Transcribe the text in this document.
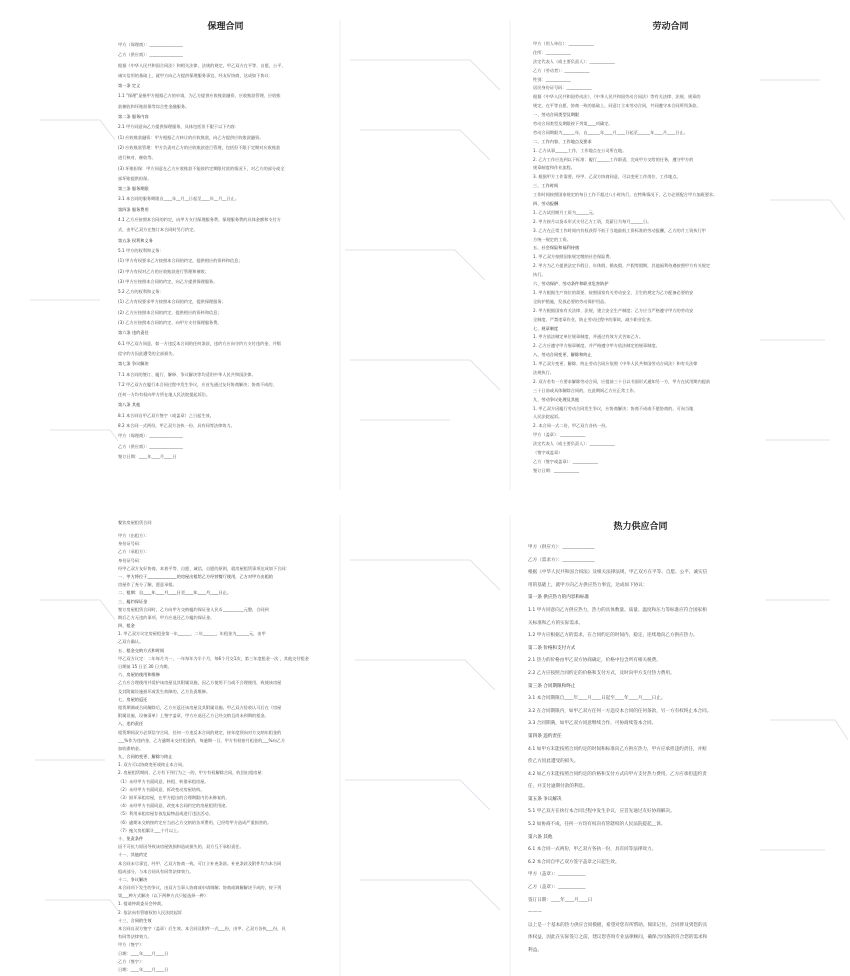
保理合同
甲方（保理商）：________________
乙方（供应商）：________________
根据《中华人民共和国合同法》和相关法律、法规的规定，甲乙双方在平等、自愿、公平、
诚实信用的基础上，就甲方向乙方提供保理服务事宜，经友好协商，达成如下协议：
第一条 定义
1.1 "保理"是指甲方根据乙方的申请，为乙方提供应收账款融资、应收账款管理、应收账
款催收和坏账担保等综合性金融服务。
第二条 服务内容
2.1 甲方同意向乙方提供保理服务，具体包括但不限于以下内容：
(1) 应收账款融资：甲方根据乙方转让的应收账款，向乙方提供应收账款融资。
(2) 应收账款管理：甲方负责对乙方的应收账款进行管理，包括但不限于定期对应收账款
进行核对、催收等。
(3) 坏账担保：甲方同意在乙方应收账款不能按约定期限付款的情况下，对乙方的部分或全
部坏账提供担保。
第三条 服务期限
3.1 本合同的服务期限自____年__月__日起至____年__月__日止。
第四条 服务费用
4.1 乙方应按照本合同的约定，向甲方支付保理服务费。保理服务费的具体金额和支付方
式，由甲乙双方在签订本合同时另行约定。
第五条 权利和义务
5.1 甲方的权利和义务：
(1) 甲方有权要求乙方按照本合同的约定，提供相应的资料和信息；
(2) 甲方有权对乙方的应收账款进行管理和催收；
(3) 甲方应按照本合同的约定，向乙方提供保理服务。
5.2 乙方的权利和义务：
(1) 乙方有权要求甲方按照本合同的约定，提供保理服务；
(2) 乙方应按照本合同的约定，提供相应的资料和信息；
(3) 乙方应按照本合同的约定，向甲方支付保理服务费。
第六条 违约责任
6.1 甲乙双方同意，如一方违反本合同的任何条款，违约方应向守约方支付违约金，并赔
偿守约方因此遭受的全部损失。
第七条 争议解决
7.1 本合同的签订、履行、解释、争议解决等均适用中华人民共和国法律。
7.2 甲乙双方在履行本合同过程中发生争议，应首先通过友好协商解决；协商不成的，
任何一方均有权向甲方所在地人民法院提起诉讼。
第八条 其他
8.1 本合同自甲乙双方签字（或盖章）之日起生效。
8.2 本合同一式两份，甲乙双方各执一份，具有同等法律效力。
甲方（保理商）：________________
乙方（供应商）：________________
签订日期：____年____月____日
劳动合同
甲方（用人单位）：____________
住所：____________
法定代表人（或主要负责人）：____________
乙方（劳动者）：____________
性别：____________
居民身份证号码：____________
根据《中华人民共和国劳动法》、《中华人民共和国劳动合同法》等有关法律、法规、规章的
规定，在平等自愿、协商一致的基础上，同意订立本劳动合同，共同遵守本合同所列条款。
一、劳动合同类型及期限
劳动合同类型及期限按下列第____项确定。
劳动合同期限为______年，自______年____月____日起至______年____月____日止。
二、工作内容、工作地点及要求
1. 乙方从事______工作，工作地点在公司所在地。
2. 乙方工作应达到以下标准：履行______工作职责，完成甲方交给的任务，遵守甲方的
规章制度和作业流程。
3. 根据甲方工作需要，经甲、乙双方协商同意，可以变更工作岗位、工作地点。
三、工作时间
工作时间按照国家规定的每日工作不超过八小时执行，在特殊情况下，乙方必须配合甲方加班要求。
四、劳动报酬
1. 乙方试用期月工资为______元。
2. 甲方按月以货币形式支付乙方工资，发薪日为每月______日。
3. 乙方在正常工作时间内有权获得不低于当地最低工资标准的劳动报酬，乙方的月工资执行甲
方统一规定的工资。
五、社会保险和福利待遇
1. 甲乙双方按照国家规定缴纳社会保险费。
2. 甲方为乙方提供法定节假日、年休假、婚丧假、产假等假期，其他福利待遇按照甲方有关规定
执行。
六、劳动保护、劳动条件和职业危害防护
1. 甲方根据生产岗位的需要，按照国家有关劳动安全、卫生的规定为乙方配备必要的安
全防护措施，发放必要的劳动保护用品。
2. 甲方根据国家有关法律、法规，建立安全生产制度；乙方应当严格遵守甲方的劳动安
全制度，严禁违章作业，防止劳动过程中的事故，减少职业危害。
七、规章制度
1. 甲方依法制定单位规章制度，并通过有效方式告知乙方。
2. 乙方应遵守甲方规章制度，并严格遵守甲方依法制定的规章制度。
八、劳动合同变更、解除和终止
1. 甲乙双方变更、解除、终止劳动合同应依照《中华人民共和国劳动合同法》和有关法律
法规执行。
2. 双方若有一方要求解除劳动合同，应提前三十日以书面形式通知另一方，甲方在试用期内提前
三十日前或具体解除合同的，在此期间乙方应正常工作。
九、劳动争议处理及其他
1. 甲乙双方因履行劳动合同发生争议，应协商解决；协商不成或不愿协商的，可向当地
人民法院起诉。
2. 本合同一式二份，甲乙双方各执一份。
甲方（盖章）：____________
法定代表人（或主要负责人）：____________
（签字或盖章）
乙方（签字或盖章）：____________
签订日期：____________
餐饮房屋租赁合同
甲方（出租方）：
身份证号码：
乙方（承租方）：
身份证号码：
经甲乙双方友好协商，本着平等、自愿、诚信、自愿的原则，就房屋租赁事项达成如下合同：
一、甲方将位于______________的房屋出租给乙方经营餐厅使用，乙方对甲方出租的
房屋作了充分了解，愿意承租。
二、租期：自____年____月____日至____年____月____日止。
三、履约保证金
签订房屋租赁合同时，乙方向甲方交纳履约保证金人民币__________元整，合同到
期后乙方无违约事项，甲方应退还乙方履约保证金。
四、租金
1. 甲乙双方议定房屋租金第一年______，二年______，年租金为______元，由甲
乙双方确认。
五、租金交纳方式和时间
甲乙双方议定：二年每月为一，一年每年为半个月，每6个月交1次，第三年度租金一次 ，其他交付租金
日期前 15 日至 30 日为期。
六、房屋的使用和维修
乙方应合理使用并爱护该房屋及其附属设施，因乙方使用不当或不合理使用，致使该房屋
及其附属设施损坏或发生故障的，乙方负责维修。
七、房屋的返还
租赁期满或合同解除后，乙方应返还该房屋及其附属设施。甲乙双方验收认可后在《房屋
附属设施、设备清单》上签字盖章，甲方应退还乙方已经交纳且尚未到期的租金。
八、违约责任
租赁期间双方必须信守合同，任何一方违反本合同的规定，按年度须向对方交纳年租金的
___%作为违约金，乙方逾期未交付租金的，每逾期一日，甲方有权按月租金的___%向乙方
加收滞纳金。
九、合同的变更、解除与终止
1. 双方可以协商变更或终止本合同。
2. 房屋租赁期间，乙方有下列行为之一的，甲方有权解除合同，收回出租房屋：
（1）未经甲方书面同意，转租、转借承租房屋。
（2）未经甲方书面同意，拆改变动房屋结构。
（3）损坏承租房屋，在甲方提出的合理期限内仍未修复的。
（4）未经甲方书面同意，改变本合同约定的房屋租赁用途。
（5）利用承租房屋存放危险物品或进行违法活动。
（6）逾期未交纳按约定应当由乙方交纳的各项费用，已经给甲方造成严重损害的。
（7）拖欠房租累计___个月以上。
十、免责条件
因不可抗力原因导致该房屋毁损和造成损失的，双方互不承担责任。
十一、其他约定
本合同未尽事宜，经甲、乙双方协商一致，可订立补充条款。补充条款及附件均为本合同
组成部分，与本合同具有同等法律效力。
十二、争议解决
本合同项下发生的争议，由双方当事人协商或申请调解；协商或调解解决不成的，按下列
第___种方式解决（以下两种方式只能选择一种）：
1. 提请仲裁委员会仲裁。
2. 依法向有管辖权的人民法院起诉
十三、合同的生效
本合同自双方签字（盖章）后生效。本合同及附件一式___份，由甲、乙双方各执___份，具
有同等法律效力。
甲方（签字）：
日期：____年____月____日
乙方（签字）：
日期：____年____月____日
热力供应合同
甲方（供应方）：______________
乙方（需求方）：______________
根据《中华人民共和国合同法》及相关法律法规，甲乙双方在平等、自愿、公平、诚实信
用的基础上，就甲方向乙方供应热力事宜，达成如下协议：
第一条 供应热力的内容和标准
1.1 甲方同意向乙方供应热力，热力的具体数量、质量、温度和压力等标准应符合国家相
关标准和乙方的实际需求。
1.2 甲方应根据乙方的需求，在合同约定的时间内，稳定、连续地向乙方供应热力。
第二条 价格和支付方式
2.1 热力的价格由甲乙双方协商确定，价格中包含所有相关税费。
2.2 乙方应按照合同约定的价格和支付方式，及时向甲方支付热力费用。
第三条 合同期限和终止
3.1 本合同期限自____年____月____日起至____年____月____日止。
3.2 在合同期限内，如甲乙双方任何一方违反本合同的任何条款，另一方有权终止本合同。
3.3 合同期满，如甲乙双方同意继续合作，可协商续签本合同。
第四条 违约责任
4.1 如甲方未能按照合同约定的时间和标准向乙方供应热力，甲方应承担违约责任，并赔
偿乙方因此遭受的损失。
4.2 如乙方未能按照合同约定的价格和支付方式向甲方支付热力费用，乙方应承担违约责
任，并支付逾期付款的利息。
第五条 争议解决
5.1 甲乙双方在执行本合同过程中发生争议，应首先通过友好协商解决。
5.2 如协商不成，任何一方均有权向有管辖权的人民法院提起__诉。
第六条 其他
6.1 本合同一式两份，甲乙双方各执一份，具有同等法律效力。
6.2 本合同自甲乙双方签字盖章之日起生效。
甲方（盖章）：____________
乙方（盖章）：____________
签订日期：____年____月____日
———
以上是一个基本的热力供应合同模板，希望对您有所帮助。阅读记住，合同涉及到您的具
体权益，因此在实际签订之前，建议您咨询专业法律顾问，确保合同条款符合您的需求和
利益。
